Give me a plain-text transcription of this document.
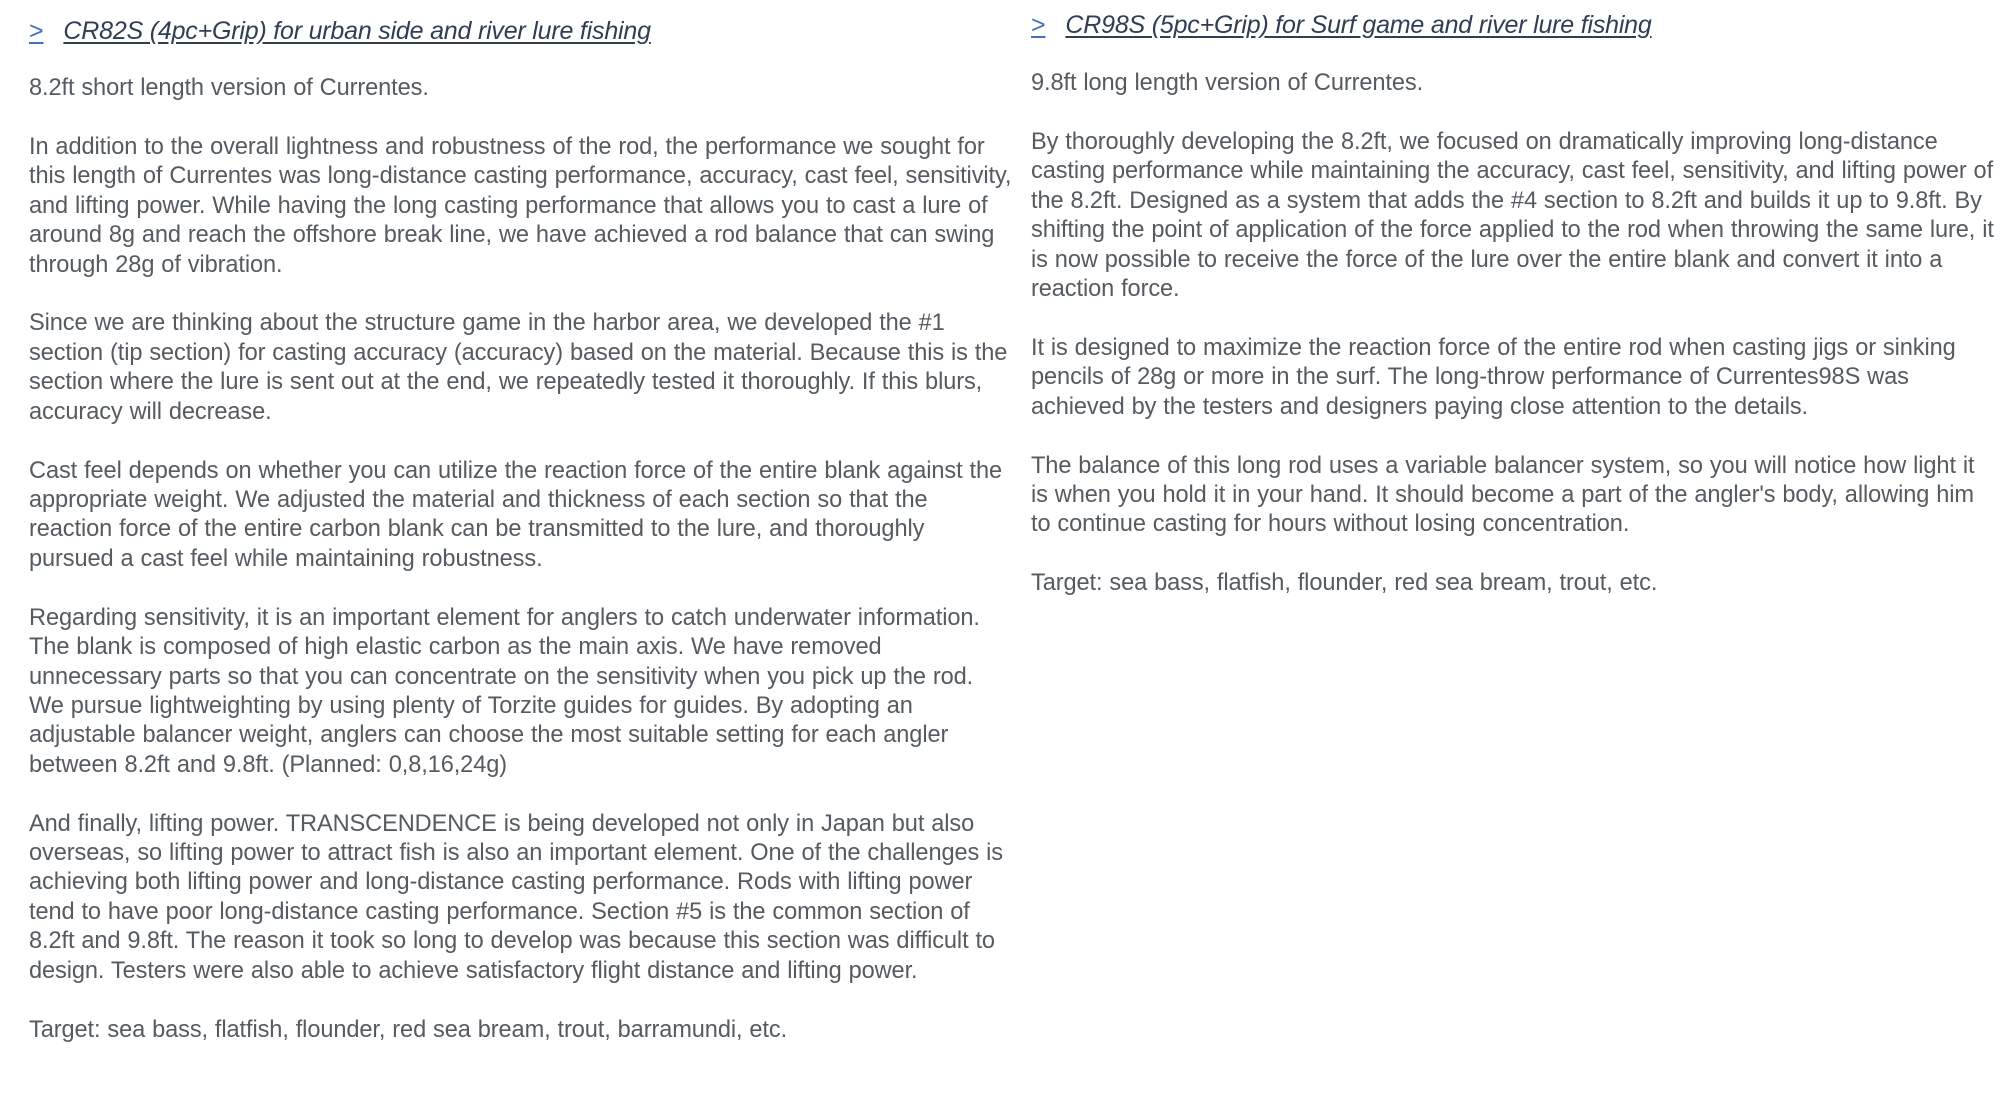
> CR82S (4pc+Grip) for urban side and river lure fishing

8.2ft short length version of Currentes.

In addition to the overall lightness and robustness of the rod, the performance we sought for this length of Currentes was long-distance casting performance, accuracy, cast feel, sensitivity, and lifting power. While having the long casting performance that allows you to cast a lure of around 8g and reach the offshore break line, we have achieved a rod balance that can swing through 28g of vibration.

Since we are thinking about the structure game in the harbor area, we developed the #1 section (tip section) for casting accuracy (accuracy) based on the material. Because this is the section where the lure is sent out at the end, we repeatedly tested it thoroughly. If this blurs, accuracy will decrease.

Cast feel depends on whether you can utilize the reaction force of the entire blank against the appropriate weight. We adjusted the material and thickness of each section so that the reaction force of the entire carbon blank can be transmitted to the lure, and thoroughly pursued a cast feel while maintaining robustness.

Regarding sensitivity, it is an important element for anglers to catch underwater information. The blank is composed of high elastic carbon as the main axis. We have removed unnecessary parts so that you can concentrate on the sensitivity when you pick up the rod. We pursue lightweighting by using plenty of Torzite guides for guides. By adopting an adjustable balancer weight, anglers can choose the most suitable setting for each angler between 8.2ft and 9.8ft. (Planned: 0,8,16,24g)

And finally, lifting power. TRANSCENDENCE is being developed not only in Japan but also overseas, so lifting power to attract fish is also an important element. One of the challenges is achieving both lifting power and long-distance casting performance. Rods with lifting power tend to have poor long-distance casting performance. Section #5 is the common section of 8.2ft and 9.8ft. The reason it took so long to develop was because this section was difficult to design. Testers were also able to achieve satisfactory flight distance and lifting power.

Target: sea bass, flatfish, flounder, red sea bream, trout, barramundi, etc.

> CR98S (5pc+Grip) for Surf game and river lure fishing

9.8ft long length version of Currentes.

By thoroughly developing the 8.2ft, we focused on dramatically improving long-distance casting performance while maintaining the accuracy, cast feel, sensitivity, and lifting power of the 8.2ft. Designed as a system that adds the #4 section to 8.2ft and builds it up to 9.8ft. By shifting the point of application of the force applied to the rod when throwing the same lure, it is now possible to receive the force of the lure over the entire blank and convert it into a reaction force.

It is designed to maximize the reaction force of the entire rod when casting jigs or sinking pencils of 28g or more in the surf. The long-throw performance of Currentes98S was achieved by the testers and designers paying close attention to the details.

The balance of this long rod uses a variable balancer system, so you will notice how light it is when you hold it in your hand. It should become a part of the angler's body, allowing him to continue casting for hours without losing concentration.

Target: sea bass, flatfish, flounder, red sea bream, trout, etc.
